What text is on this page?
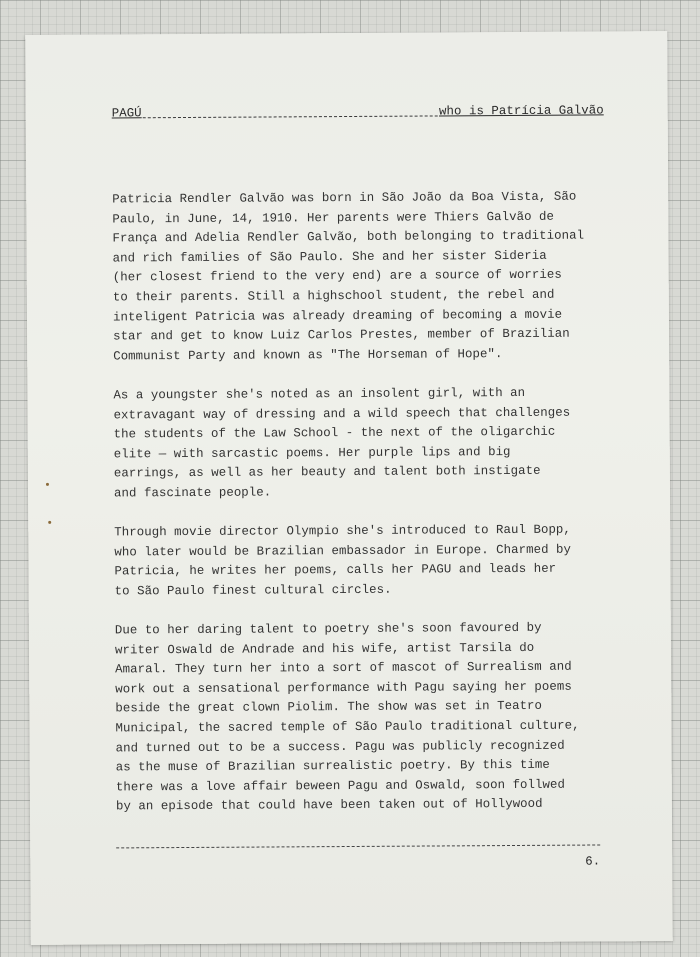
PAGÚ	who is Patrícia Galvão

Patricia Rendler Galvão was born in São João da Boa Vista, São
Paulo, in June, 14, 1910. Her parents were Thiers Galvão de
França and Adelia Rendler Galvão, both belonging to traditional
and rich families of São Paulo. She and her sister Sideria
(her closest friend to the very end) are a source of worries
to their parents. Still a highschool student, the rebel and
inteligent Patricia was already dreaming of becoming a movie
star and get to know Luiz Carlos Prestes, member of Brazilian
Communist Party and known as "The Horseman of Hope".

As a youngster she's noted as an insolent girl, with an
extravagant way of dressing and a wild speech that challenges
the students of the Law School - the next of the oligarchic
elite — with sarcastic poems. Her purple lips and big
earrings, as well as her beauty and talent both instigate
and fascinate people.

Through movie director Olympio she's introduced to Raul Bopp,
who later would be Brazilian embassador in Europe. Charmed by
Patricia, he writes her poems, calls her PAGU and leads her
to São Paulo finest cultural circles.

Due to her daring talent to poetry she's soon favoured by
writer Oswald de Andrade and his wife, artist Tarsila do
Amaral. They turn her into a sort of mascot of Surrealism and
work out a sensational performance with Pagu saying her poems
beside the great clown Piolim. The show was set in Teatro
Municipal, the sacred temple of São Paulo traditional culture,
and turned out to be a success. Pagu was publicly recognized
as the muse of Brazilian surrealistic poetry. By this time
there was a love affair beween Pagu and Oswald, soon follwed
by an episode that could have been taken out of Hollywood

6.
